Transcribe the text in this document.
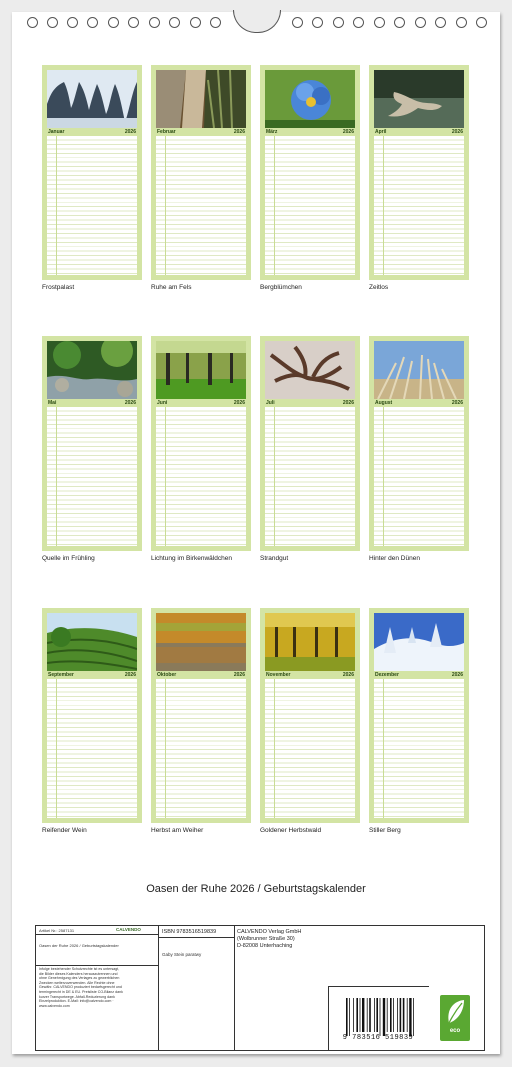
Januar	2026
Frostpalast
Februar	2026
Ruhe am Fels
März	2026
Bergblümchen
April	2026
Zeitlos
Mai	2026
Quelle im Frühling
Juni	2026
Lichtung im Birkenwäldchen
Juli	2026
Strandgut
August	2026
Hinter den Dünen
September	2026
Reifender Wein
Oktober	2026
Herbst am Weiher
November	2026
Goldener Herbstwald
Dezember	2026
Stiller Berg
Oasen der Ruhe 2026 / Geburtstagskalender
Artikel Nr.: 2587131	CALVENDO
Oasen der Ruhe 2026 / Geburtstagskalender
Infolge bestehender Schutzrechte ist es untersagt, die Bilder dieses Kalenders herauszutrennen und ohne Genehmigung des Verlages zu gewerblichen Zwecken weiterzuverwenden. Alle Rechte ohne Gewähr. CALVENDO produziert bedarfsgerecht und termingerecht in DE & EU. Preisliste CO-Bilanz dank kurzer Transportwege. Abfall-Reduzierung dank Einzelproduktion. E-Mail: info@calvendo.com · www.calvendo.com
ISBN 9783516519839
Gaby Stein paratwy
CALVENDO Verlag GmbH
(Wolbrunner Straße 30)
D-82008 Unterhaching
9 783516 519839
eco
